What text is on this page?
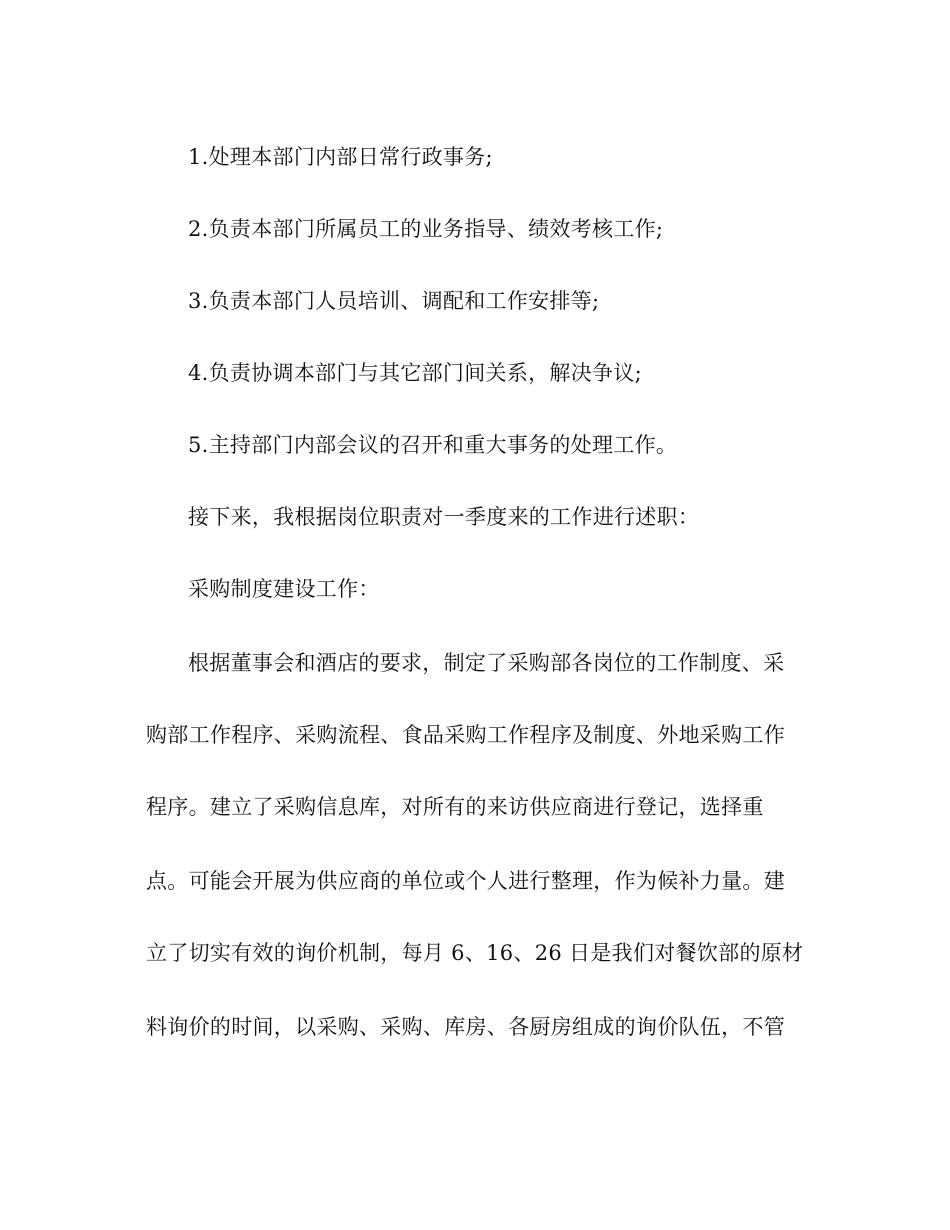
1.处理本部门内部日常行政事务;
2.负责本部门所属员工的业务指导、绩效考核工作;
3.负责本部门人员培训、调配和工作安排等;
4.负责协调本部门与其它部门间关系，解决争议;
5.主持部门内部会议的召开和重大事务的处理工作。
接下来，我根据岗位职责对一季度来的工作进行述职：
采购制度建设工作：
根据董事会和酒店的要求，制定了采购部各岗位的工作制度、采
购部工作程序、采购流程、食品采购工作程序及制度、外地采购工作
程序。建立了采购信息库，对所有的来访供应商进行登记，选择重
点。可能会开展为供应商的单位或个人进行整理，作为候补力量。建
立了切实有效的询价机制，每月 6、16、26 日是我们对餐饮部的原材
料询价的时间，以采购、采购、库房、各厨房组成的询价队伍，不管
